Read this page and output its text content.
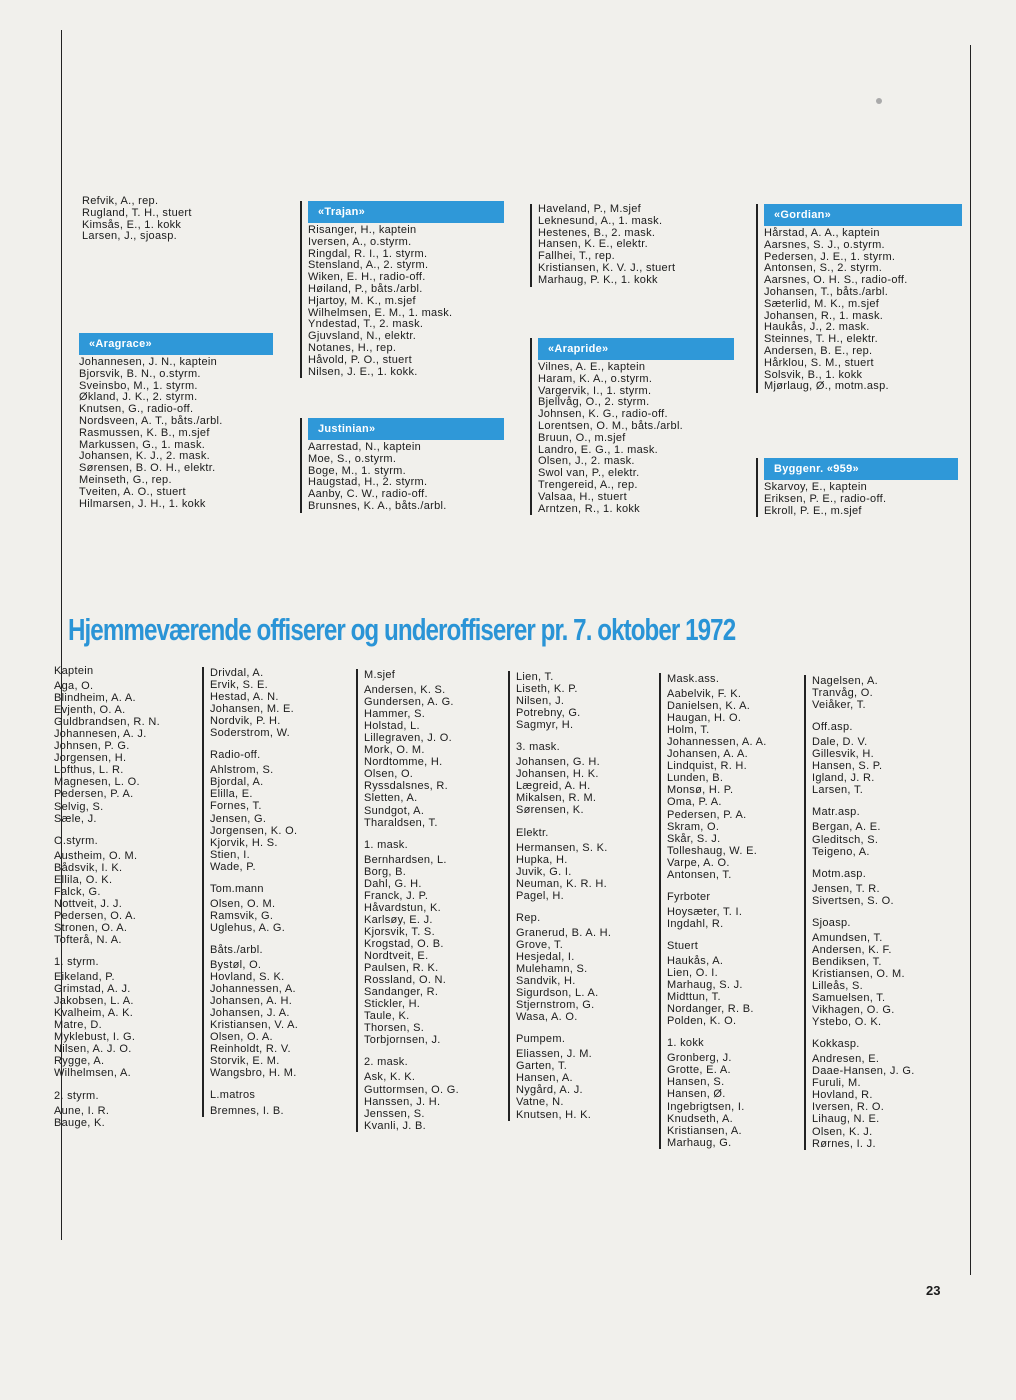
Refvik, A., rep.
Rugland, T. H., stuert
Kimsås, E., 1. kokk
Larsen, J., sjoasp.
«Aragrace»
Johannesen, J. N., kaptein
Bjorsvik, B. N., o.styrm.
Sveinsbo, M., 1. styrm.
Økland, J. K., 2. styrm.
Knutsen, G., radio-off.
Nordsveen, A. T., båts./arbl.
Rasmussen, K. B., m.sjef
Markussen, G., 1. mask.
Johansen, K. J., 2. mask.
Sørensen, B. O. H., elektr.
Meinseth, G., rep.
Tveiten, A. O., stuert
Hilmarsen, J. H., 1. kokk
«Trajan»
Risanger, H., kaptein
Iversen, A., o.styrm.
Ringdal, R. I., 1. styrm.
Stensland, A., 2. styrm.
Wiken, E. H., radio-off.
Høiland, P., båts./arbl.
Hjartoy, M. K., m.sjef
Wilhelmsen, E. M., 1. mask.
Yndestad, T., 2. mask.
Gjuvsland, N., elektr.
Notanes, H., rep.
Håvold, P. O., stuert
Nilsen, J. E., 1. kokk.
Justinian»
Aarrestad, N., kaptein
Moe, S., o.styrm.
Boge, M., 1. styrm.
Haugstad, H., 2. styrm.
Aanby, C. W., radio-off.
Brunsnes, K. A., båts./arbl.
Haveland, P., M.sjef
Leknesund, A., 1. mask.
Hestenes, B., 2. mask.
Hansen, K. E., elektr.
Fallhei, T., rep.
Kristiansen, K. V. J., stuert
Marhaug, P. K., 1. kokk
«Arapride»
Vilnes, A. E., kaptein
Haram, K. A., o.styrm.
Vargervik, I., 1. styrm.
Bjellvåg, O., 2. styrm.
Johnsen, K. G., radio-off.
Lorentsen, O. M., båts./arbl.
Bruun, O., m.sjef
Landro, E. G., 1. mask.
Olsen, J., 2. mask.
Swol van, P., elektr.
Trengereid, A., rep.
Valsaa, H., stuert
Arntzen, R., 1. kokk
«Gordian»
Hårstad, A. A., kaptein
Aarsnes, S. J., o.styrm.
Pedersen, J. E., 1. styrm.
Antonsen, S., 2. styrm.
Aarsnes, O. H. S., radio-off.
Johansen, T., båts./arbl.
Sæterlid, M. K., m.sjef
Johansen, R., 1. mask.
Haukås, J., 2. mask.
Steinnes, T. H., elektr.
Andersen, B. E., rep.
Hårklou, S. M., stuert
Solsvik, B., 1. kokk
Mjørlaug, Ø., motm.asp.
Byggenr. «959»
Skarvoy, E., kaptein
Eriksen, P. E., radio-off.
Ekroll, P. E., m.sjef
Hjemmeværende offiserer og underoffiserer pr. 7. oktober 1972
Kaptein
Aga, O.
Blindheim, A. A.
Evjenth, O. A.
Guldbrandsen, R. N.
Johannesen, A. J.
Johnsen, P. G.
Jorgensen, H.
Lofthus, L. R.
Magnesen, L. O.
Pedersen, P. A.
Selvig, S.
Sæle, J.
O.styrm.
Austheim, O. M.
Bådsvik, I. K.
Ellila, O. K.
Falck, G.
Nottveit, J. J.
Pedersen, O. A.
Stronen, O. A.
Tofterå, N. A.
1. styrm.
Eikeland, P.
Grimstad, A. J.
Jakobsen, L. A.
Kvalheim, A. K.
Matre, D.
Myklebust, I. G.
Nilsen, A. J. O.
Rygge, A.
Wilhelmsen, A.
2. styrm.
Aune, I. R.
Bauge, K.
Drivdal, A.
Ervik, S. E.
Hestad, A. N.
Johansen, M. E.
Nordvik, P. H.
Soderstrom, W.
Radio-off.
Ahlstrom, S.
Bjordal, A.
Elilla, E.
Fornes, T.
Jensen, G.
Jorgensen, K. O.
Kjorvik, H. S.
Stien, I.
Wade, P.
Tom.mann
Olsen, O. M.
Ramsvik, G.
Uglehus, A. G.
Båts./arbl.
Bystøl, O.
Hovland, S. K.
Johannessen, A.
Johansen, A. H.
Johansen, J. A.
Kristiansen, V. A.
Olsen, O. A.
Reinholdt, R. V.
Storvik, E. M.
Wangsbro, H. M.
L.matros
Bremnes, I. B.
M.sjef
Andersen, K. S.
Gundersen, A. G.
Hammer, S.
Holstad, L.
Lillegraven, J. O.
Mork, O. M.
Nordtomme, H.
Olsen, O.
Ryssdalsnes, R.
Sletten, A.
Sundgot, A.
Tharaldsen, T.
1. mask.
Bernhardsen, L.
Borg, B.
Dahl, G. H.
Franck, J. P.
Håvardstun, K.
Karlsøy, E. J.
Kjorsvik, T. S.
Krogstad, O. B.
Nordtveit, E.
Paulsen, R. K.
Rossland, O. N.
Sandanger, R.
Stickler, H.
Taule, K.
Thorsen, S.
Torbjornsen, J.
2. mask.
Ask, K. K.
Guttormsen, O. G.
Hanssen, J. H.
Jenssen, S.
Kvanli, J. B.
Lien, T.
Liseth, K. P.
Nilsen, J.
Potrebny, G.
Sagmyr, H.
3. mask.
Johansen, G. H.
Johansen, H. K.
Lægreid, A. H.
Mikalsen, R. M.
Sørensen, K.
Elektr.
Hermansen, S. K.
Hupka, H.
Juvik, G. I.
Neuman, K. R. H.
Pagel, H.
Rep.
Granerud, B. A. H.
Grove, T.
Hesjedal, I.
Mulehamn, S.
Sandvik, H.
Sigurdson, L. A.
Stjernstrom, G.
Wasa, A. O.
Pumpem.
Eliassen, J. M.
Garten, T.
Hansen, A.
Nygård, A. J.
Vatne, N.
Knutsen, H. K.
Mask.ass.
Aabelvik, F. K.
Danielsen, K. A.
Haugan, H. O.
Holm, T.
Johannessen, A. A.
Johansen, A. A.
Lindquist, R. H.
Lunden, B.
Monsø, H. P.
Oma, P. A.
Pedersen, P. A.
Skram, O.
Skår, S. J.
Tolleshaug, W. E.
Varpe, A. O.
Antonsen, T.
Fyrboter
Hoysæter, T. I.
Ingdahl, R.
Stuert
Haukås, A.
Lien, O. I.
Marhaug, S. J.
Midttun, T.
Nordanger, R. B.
Polden, K. O.
1. kokk
Gronberg, J.
Grotte, E. A.
Hansen, S.
Hansen, Ø.
Ingebrigtsen, I.
Knudseth, A.
Kristiansen, A.
Marhaug, G.
Nagelsen, A.
Tranvåg, O.
Veiåker, T.
Off.asp.
Dale, D. V.
Gillesvik, H.
Hansen, S. P.
Igland, J. R.
Larsen, T.
Matr.asp.
Bergan, A. E.
Gleditsch, S.
Teigeno, A.
Motm.asp.
Jensen, T. R.
Sivertsen, S. O.
Sjoasp.
Amundsen, T.
Andersen, K. F.
Bendiksen, T.
Kristiansen, O. M.
Lilleås, S.
Samuelsen, T.
Vikhagen, O. G.
Ystebo, O. K.
Kokkasp.
Andresen, E.
Daae-Hansen, J. G.
Furuli, M.
Hovland, R.
Iversen, R. O.
Lihaug, N. E.
Olsen, K. J.
Rørnes, I. J.
23
